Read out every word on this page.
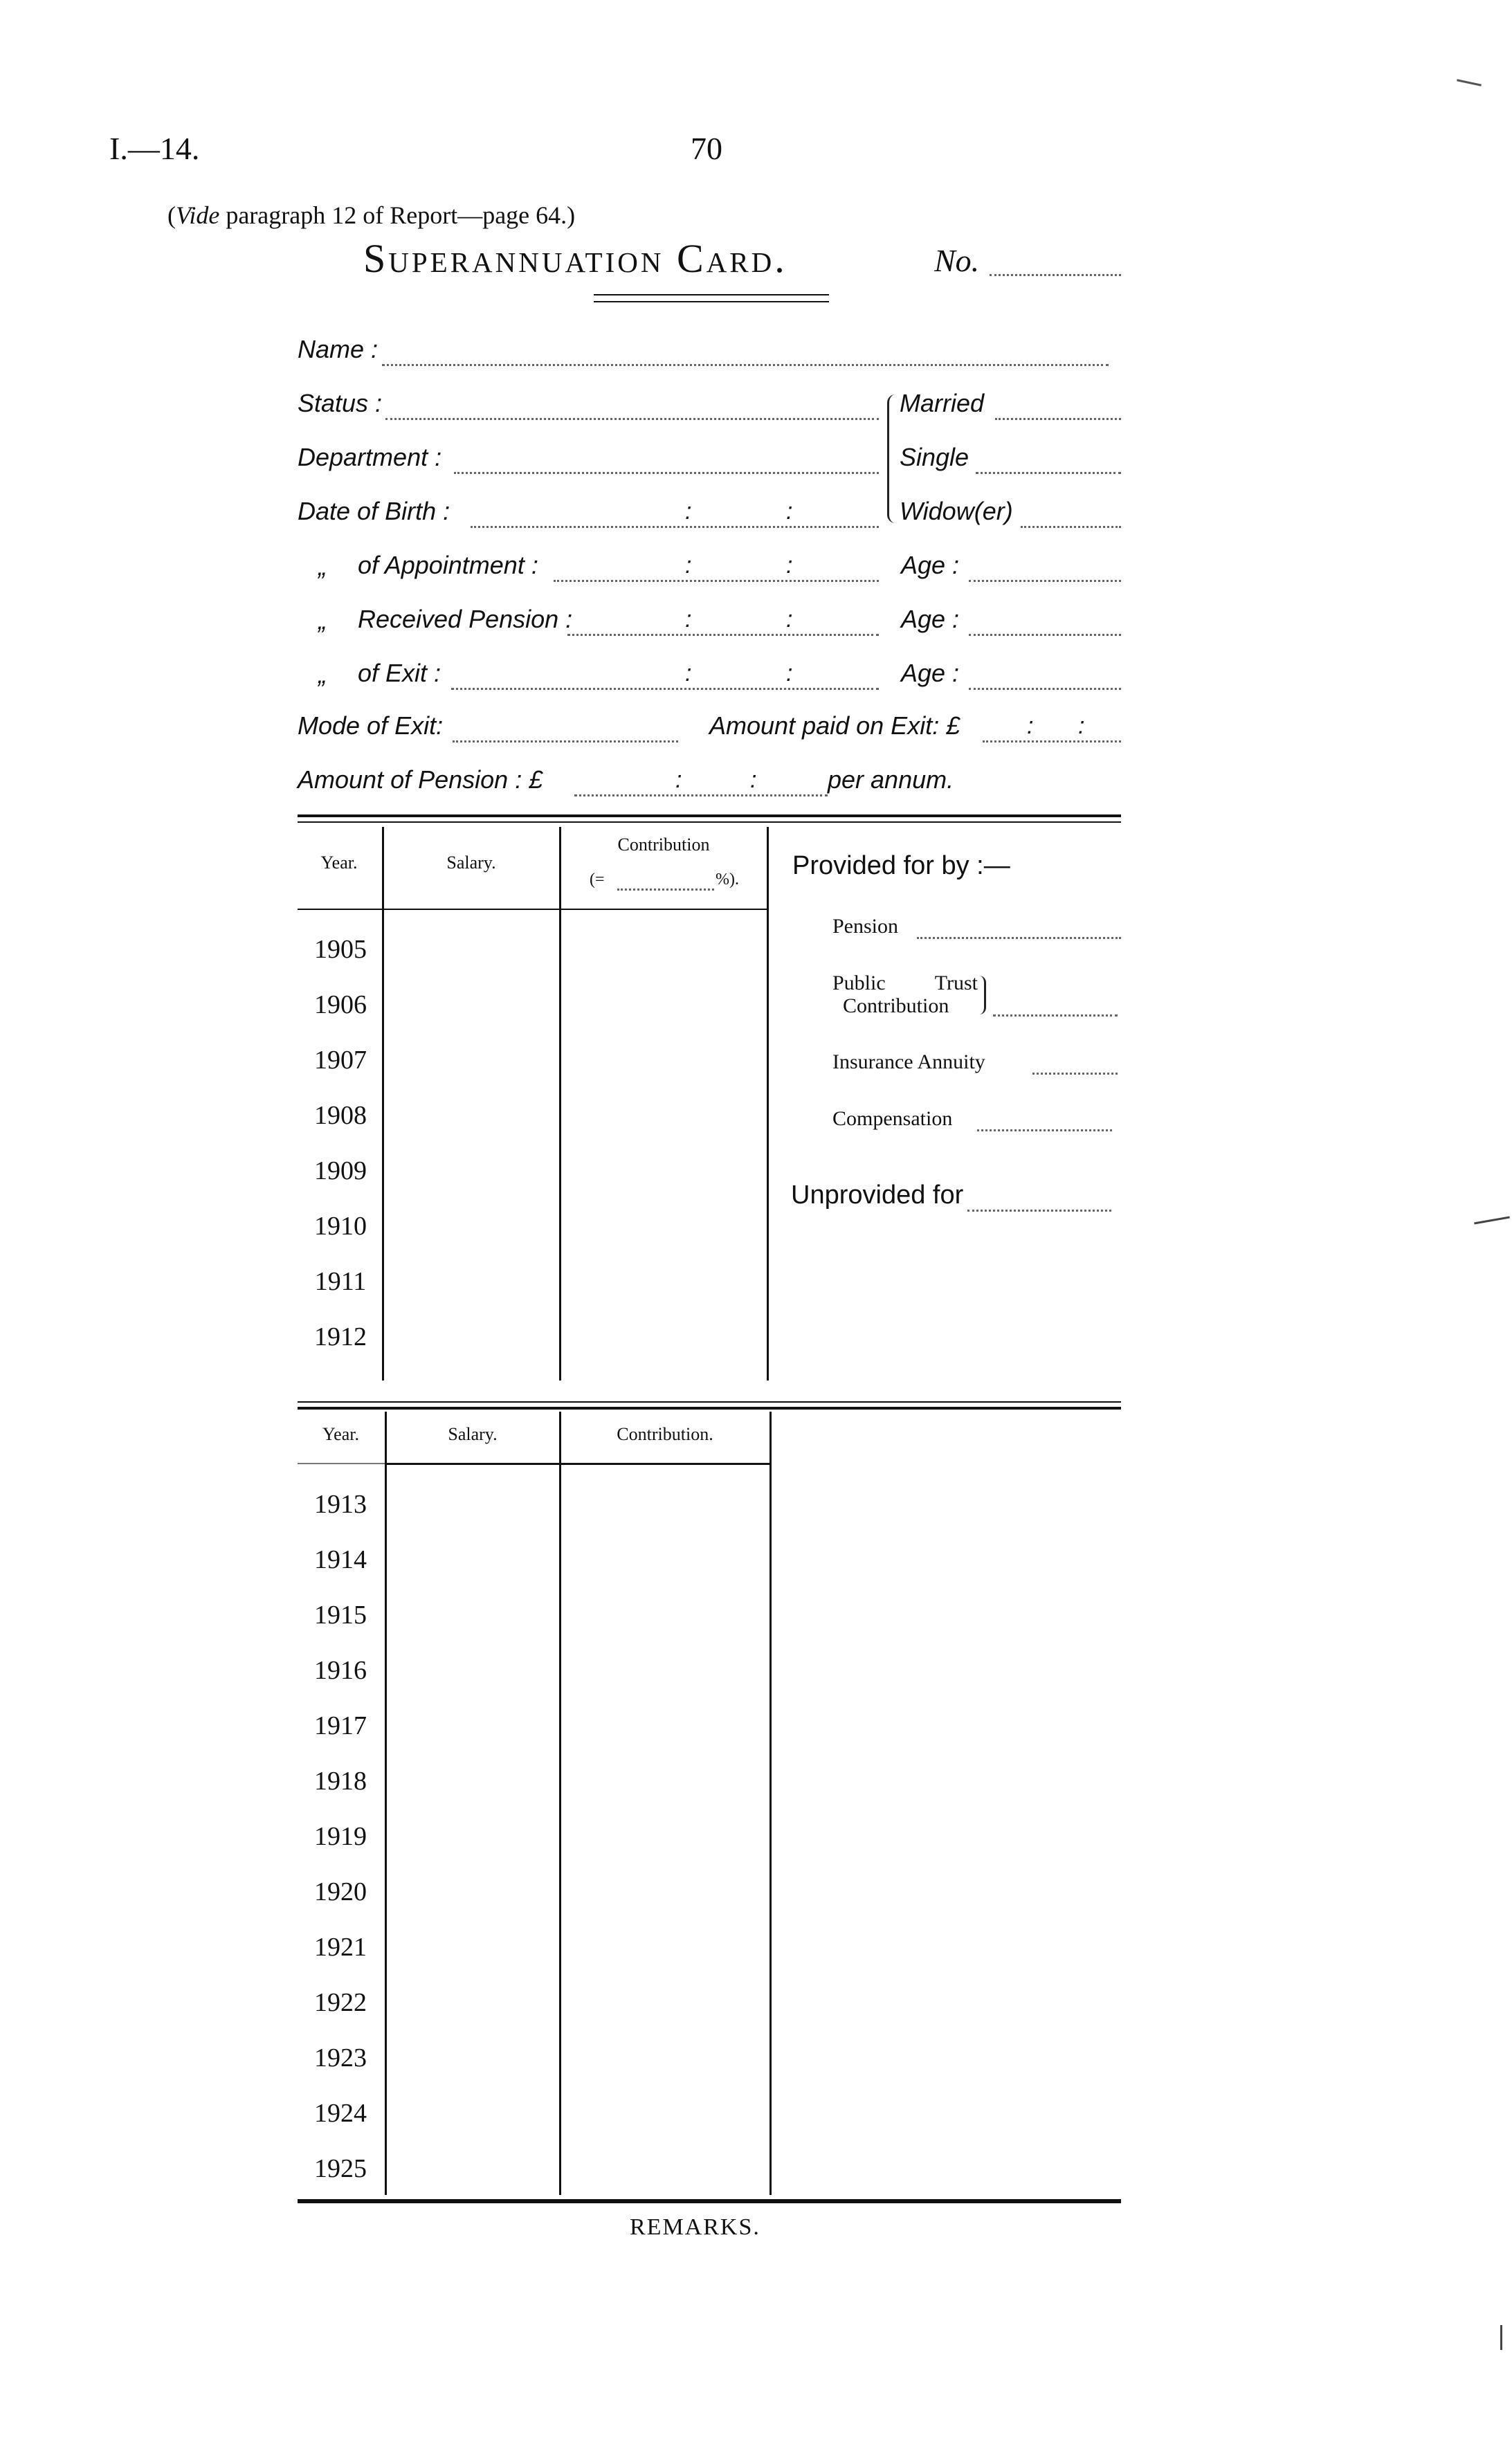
I.—14.	70
(Vide paragraph 12 of Report—page 64.)
Superannuation Card.	No.
Name :
Status :
Department :
Date of Birth :	:	:
Married
Single
Widow(er)
„ of Appointment :	:	:	Age :
„ Received Pension :	:	:	Age :
„ of Exit :	:	:	Age :
Mode of Exit:	Amount paid on Exit: £	: :
Amount of Pension : £	:	:	per annum.
Year.	Salary.
Contribution
(=	%).
1905
1906
1907
1908
1909
1910
1911
1912
Provided for by :—
Pension
Public Trust
Contribution
Insurance Annuity
Compensation
Unprovided for
Year.	Salary.	Contribution.
1913
1914
1915
1916
1917
1918
1919
1920
1921
1922
1923
1924
1925
REMARKS.
